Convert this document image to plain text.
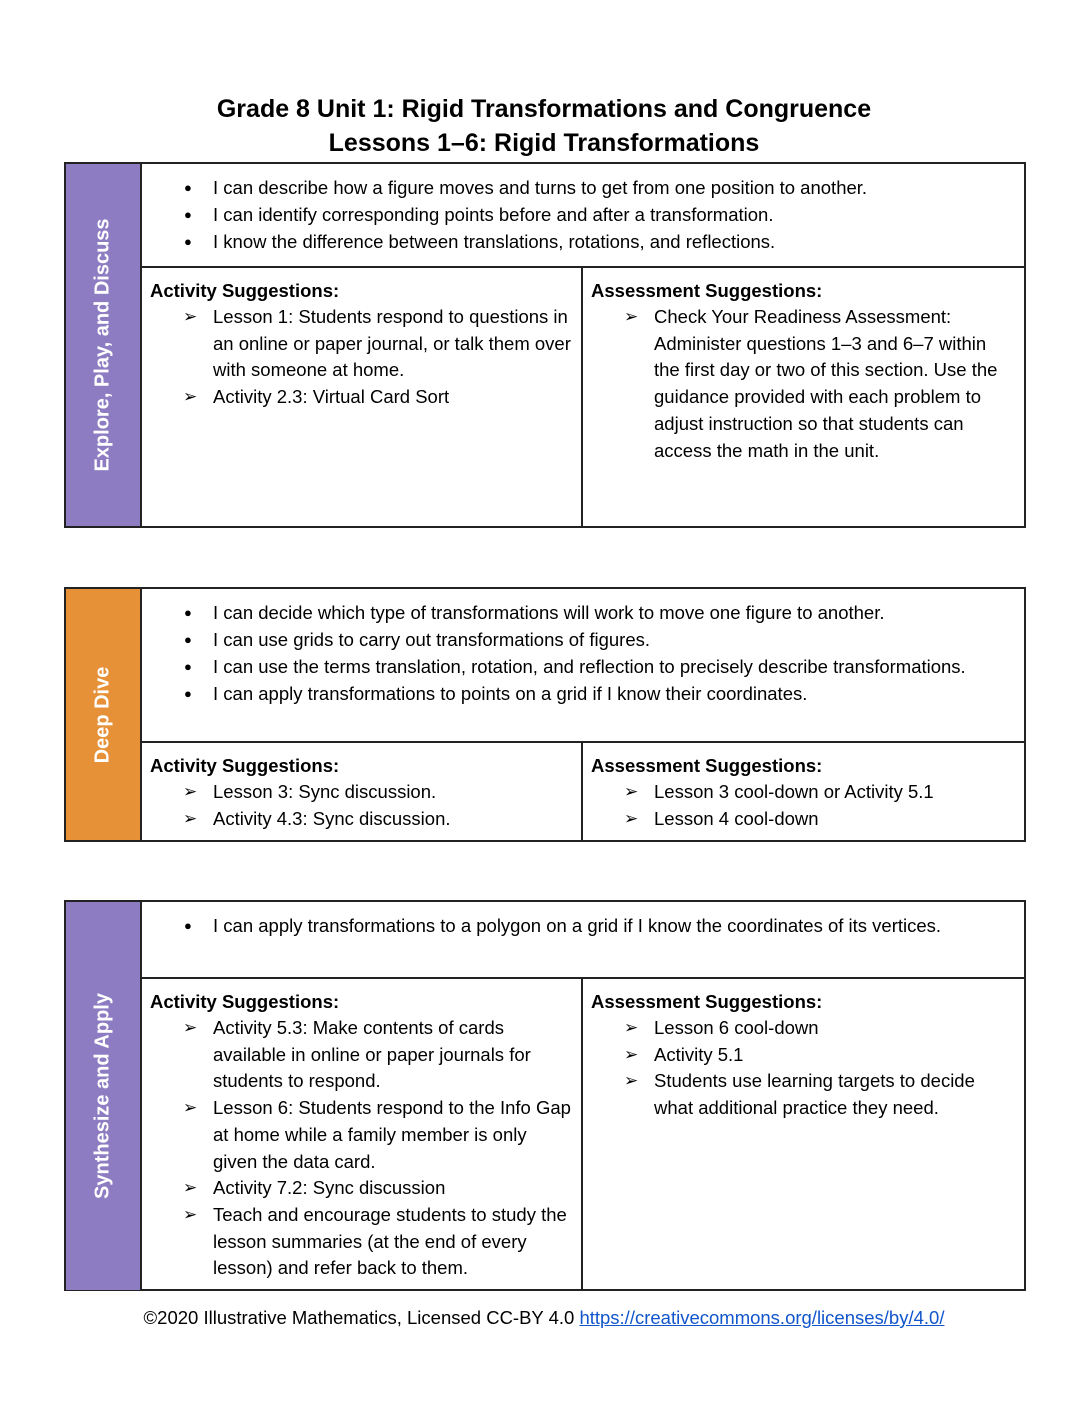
Grade 8 Unit 1: Rigid Transformations and Congruence
Lessons 1–6: Rigid Transformations
Explore, Play, and Discuss
● I can describe how a figure moves and turns to get from one position to another.
● I can identify corresponding points before and after a transformation.
● I know the difference between translations, rotations, and reflections.
Activity Suggestions:
➢ Lesson 1: Students respond to questions in an online or paper journal, or talk them over with someone at home.
➢ Activity 2.3: Virtual Card Sort
Assessment Suggestions:
➢ Check Your Readiness Assessment: Administer questions 1–3 and 6–7 within the first day or two of this section. Use the guidance provided with each problem to adjust instruction so that students can access the math in the unit.
Deep Dive
● I can decide which type of transformations will work to move one figure to another.
● I can use grids to carry out transformations of figures.
● I can use the terms translation, rotation, and reflection to precisely describe transformations.
● I can apply transformations to points on a grid if I know their coordinates.
Activity Suggestions:
➢ Lesson 3: Sync discussion.
➢ Activity 4.3: Sync discussion.
Assessment Suggestions:
➢ Lesson 3 cool-down or Activity 5.1
➢ Lesson 4 cool-down
Synthesize and Apply
● I can apply transformations to a polygon on a grid if I know the coordinates of its vertices.
Activity Suggestions:
➢ Activity 5.3: Make contents of cards available in online or paper journals for students to respond.
➢ Lesson 6: Students respond to the Info Gap at home while a family member is only given the data card.
➢ Activity 7.2: Sync discussion
➢ Teach and encourage students to study the lesson summaries (at the end of every lesson) and refer back to them.
Assessment Suggestions:
➢ Lesson 6 cool-down
➢ Activity 5.1
➢ Students use learning targets to decide what additional practice they need.
©2020 Illustrative Mathematics, Licensed CC-BY 4.0 https://creativecommons.org/licenses/by/4.0/
